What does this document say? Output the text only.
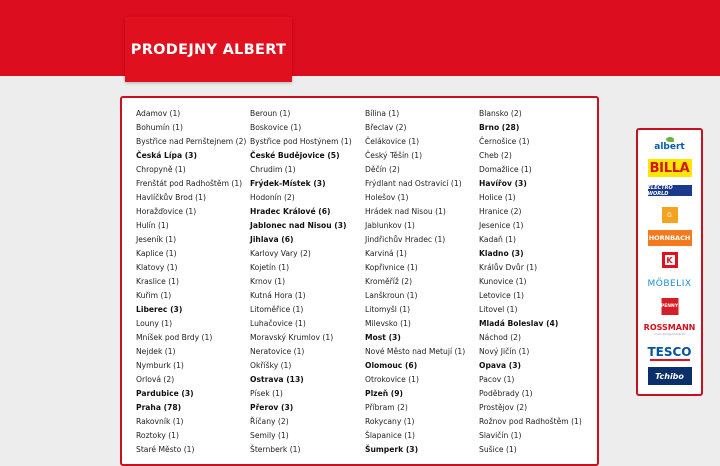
PRODEJNY ALBERT
Adamov (1)
Bohumín (1)
Bystřice nad Pernštejnem (2)
Česká Lípa (3)
Chropyně (1)
Frenštát pod Radhoštěm (1)
Havlíčkův Brod (1)
Horažďovice (1)
Hulín (1)
Jeseník (1)
Kaplice (1)
Klatovy (1)
Kraslice (1)
Kuřim (1)
Liberec (3)
Louny (1)
Mníšek pod Brdy (1)
Nejdek (1)
Nymburk (1)
Orlová (2)
Pardubice (3)
Praha (78)
Rakovník (1)
Roztoky (1)
Staré Město (1)
Beroun (1)
Boskovice (1)
Bystřice pod Hostýnem (1)
České Budějovice (5)
Chrudim (1)
Frýdek-Místek (3)
Hodonín (2)
Hradec Králové (6)
Jablonec nad Nisou (3)
Jihlava (6)
Karlovy Vary (2)
Kojetín (1)
Krnov (1)
Kutná Hora (1)
Litoměřice (1)
Luhačovice (1)
Moravský Krumlov (1)
Neratovice (1)
Okříšky (1)
Ostrava (13)
Písek (1)
Přerov (3)
Říčany (2)
Semily (1)
Šternberk (1)
Bílina (1)
Břeclav (2)
Čelákovice (1)
Český Těšín (1)
Děčín (2)
Frýdlant nad Ostravicí (1)
Holešov (1)
Hrádek nad Nisou (1)
Jablunkov (1)
Jindřichův Hradec (1)
Karviná (1)
Kopřivnice (1)
Kroměříž (2)
Lanškroun (1)
Litomyšl (1)
Milevsko (1)
Most (3)
Nové Město nad Metují (1)
Olomouc (6)
Otrokovice (1)
Plzeň (9)
Příbram (2)
Rokycany (1)
Šlapanice (1)
Šumperk (3)
Blansko (2)
Brno (28)
Černošice (1)
Cheb (2)
Domažlice (1)
Havířov (3)
Holice (1)
Hranice (2)
Jesenice (1)
Kadaň (1)
Kladno (3)
Králův Dvůr (1)
Kunovice (1)
Letovice (1)
Litovel (1)
Mladá Boleslav (4)
Náchod (2)
Nový Jičín (1)
Opava (3)
Pacov (1)
Poděbrady (1)
Prostějov (2)
Rožnov pod Radhoštěm (1)
Slavičín (1)
Sušice (1)
albert
BILLA
ELECTRO WORLD
G
HORNBACH
K
MÖBELIX
PENNY
ROSSMANN
mein Drogeriemarkt
TESCO
Tchibo
